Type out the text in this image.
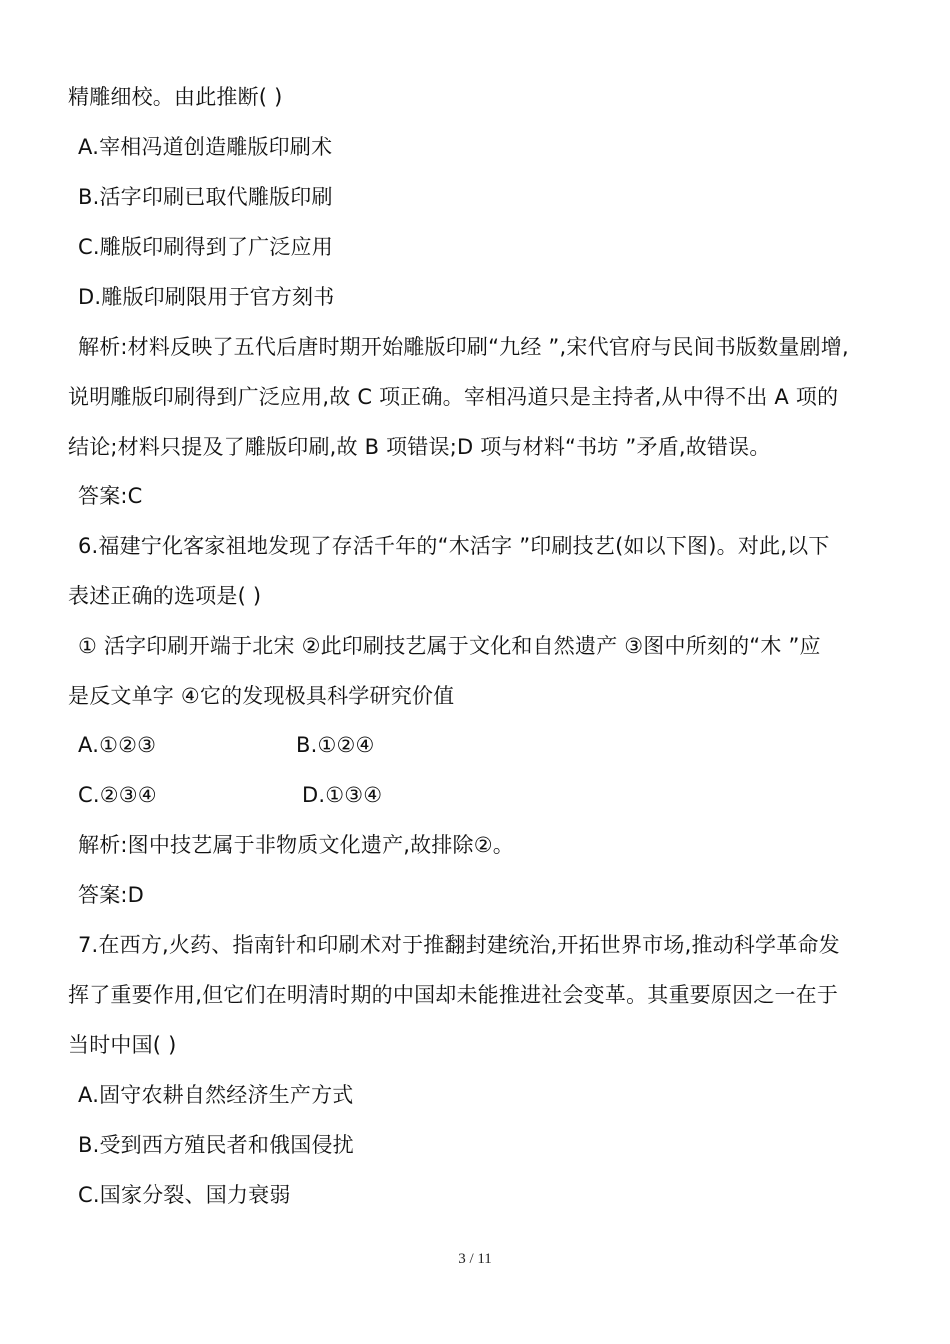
精雕细校。由此推断( )
A.宰相冯道创造雕版印刷术
B.活字印刷已取代雕版印刷
C.雕版印刷得到了广泛应用
D.雕版印刷限用于官方刻书
解析:材料反映了五代后唐时期开始雕版印刷“九经 ”,宋代官府与民间书版数量剧增,
说明雕版印刷得到广泛应用,故 C 项正确。宰相冯道只是主持者,从中得不出 A 项的
结论;材料只提及了雕版印刷,故 B 项错误;D 项与材料“书坊 ”矛盾,故错误。
答案:C
6.福建宁化客家祖地发现了存活千年的“木活字 ”印刷技艺(如以下图)。对此,以下
表述正确的选项是( )
① 活字印刷开端于北宋 ②此印刷技艺属于文化和自然遗产 ③图中所刻的“木 ”应
是反文单字 ④它的发现极具科学研究价值
A.①②③	B.①②④
C.②③④	D.①③④
解析:图中技艺属于非物质文化遗产,故排除②。
答案:D
7.在西方,火药、指南针和印刷术对于推翻封建统治,开拓世界市场,推动科学革命发
挥了重要作用,但它们在明清时期的中国却未能推进社会变革。其重要原因之一在于
当时中国( )
A.固守农耕自然经济生产方式
B.受到西方殖民者和俄国侵扰
C.国家分裂、国力衰弱
3 / 11
